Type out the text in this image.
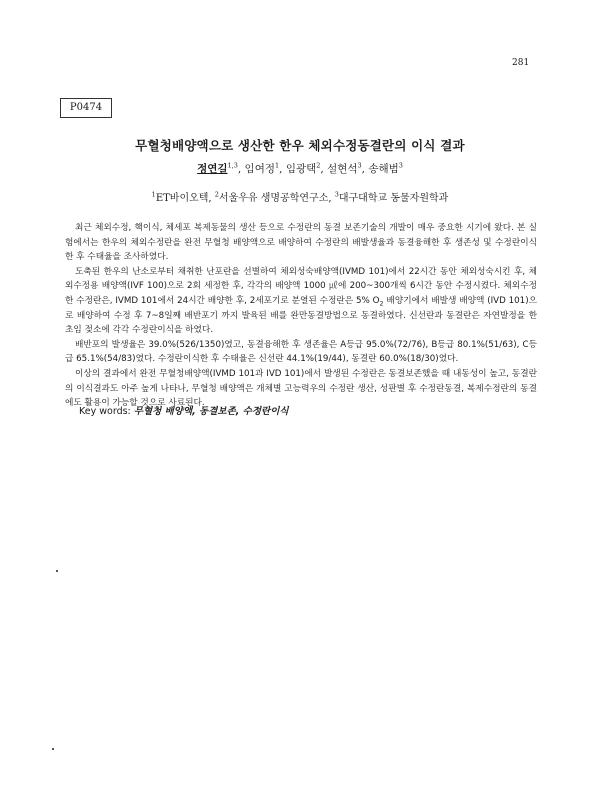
281
P0474
무혈청배양액으로 생산한 한우 체외수정동결란의 이식 결과
정연길$^{1,3}$, 임여정$^1$, 임광택$^2$, 설현석$^3$, 송해범$^3$
$^1$ET바이오텍, $^2$서울우유 생명공학연구소, $^3$대구대학교 동물자원학과

최근 체외수정, 핵이식, 체세포 복제동물의 생산 등으로 수정란의 동결 보존기술의 개발이 매우 중요한 시기에 왔다. 본 실험에서는 한우의 체외수정란을 완전 무혈청 배양액으로 배양하여 수정란의 배발생율과 동결융해한 후 생존성 및 수정란이식한 후 수태율을 조사하였다.

도축된 한우의 난소로부터 채취한 난포란을 선별하여 체외성숙배양액(IVMD 101)에서 22시간 동안 체외성숙시킨 후, 체외수정용 배양액(IVF 100)으로 2회 세정한 후, 각각의 배양액 1000 ㎕에 200~300개씩 6시간 동안 수정시켰다. 체외수정한 수정란은, IVMD 101에서 24시간 배양한 후, 2세포기로 분열된 수정란은 5% $O_2$ 배양기에서 배발생 배양액 (IVD 101)으로 배양하여 수정 후 7~8일째 배반포기 까지 발육된 배를 완만동결방법으로 동결하였다. 신선란과 동결란은 자연발정을 한 초임 젖소에 각각 수정란이식을 하였다.

배반포의 발생율은 39.0%(526/1350)였고, 동결융해한 후 생존율은 A등급 95.0%(72/76), B등급 80.1%(51/63), C등급 65.1%(54/83)였다. 수정란이식한 후 수태율은 신선란 44.1%(19/44), 동결란 60.0%(18/30)였다.

이상의 결과에서 완전 무혈청배양액(IVMD 101과 IVD 101)에서 발생된 수정란은 동결보존했을 때 내동성이 높고, 동결란의 이식결과도 아주 높게 나타나, 무혈청 배양액은 개체별 고능력우의 수정란 생산, 성판별 후 수정란동결, 복제수정란의 동결에도 활용이 가능할 것으로 사료된다.

Key words: 무혈청 배양액, 동결보존, 수정란이식
